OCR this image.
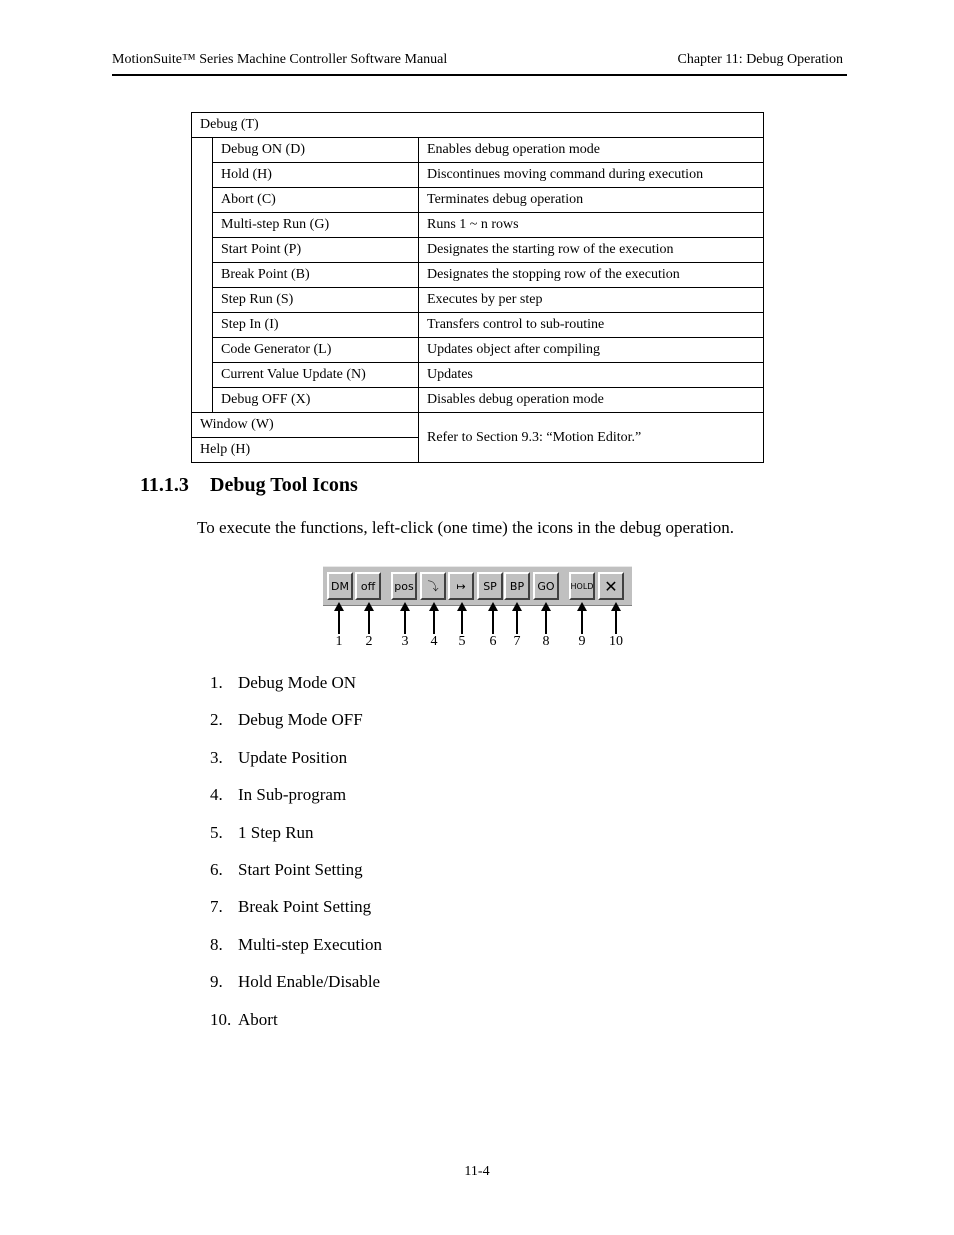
MotionSuite™ Series Machine Controller Software Manual	Chapter 11: Debug Operation
Debug (T)		
	Debug ON (D)	Enables debug operation mode
	Hold (H)	Discontinues moving command during execution
	Abort (C)	Terminates debug operation
	Multi-step Run (G)	Runs 1 ~ n rows
	Start Point (P)	Designates the starting row of the execution
	Break Point (B)	Designates the stopping row of the execution
	Step Run (S)	Executes by per step
	Step In (I)	Transfers control to sub-routine
	Code Generator (L)	Updates object after compiling
	Current Value Update (N)	Updates
	Debug OFF (X)	Disables debug operation mode
Window (W)		Refer to Section 9.3: “Motion Editor.”
Help (H)		
11.1.3 Debug Tool Icons

To execute the functions, left-click (one time) the icons in the debug operation.

DM off pos ⤵ ↦ SP BP GO HOLD ✕
1	2	3	4	5	6	7	8	9	10
1. Debug Mode ON
2. Debug Mode OFF
3. Update Position
4. In Sub-program
5. 1 Step Run
6. Start Point Setting
7. Break Point Setting
8. Multi-step Execution
9. Hold Enable/Disable
10. Abort
11-4
